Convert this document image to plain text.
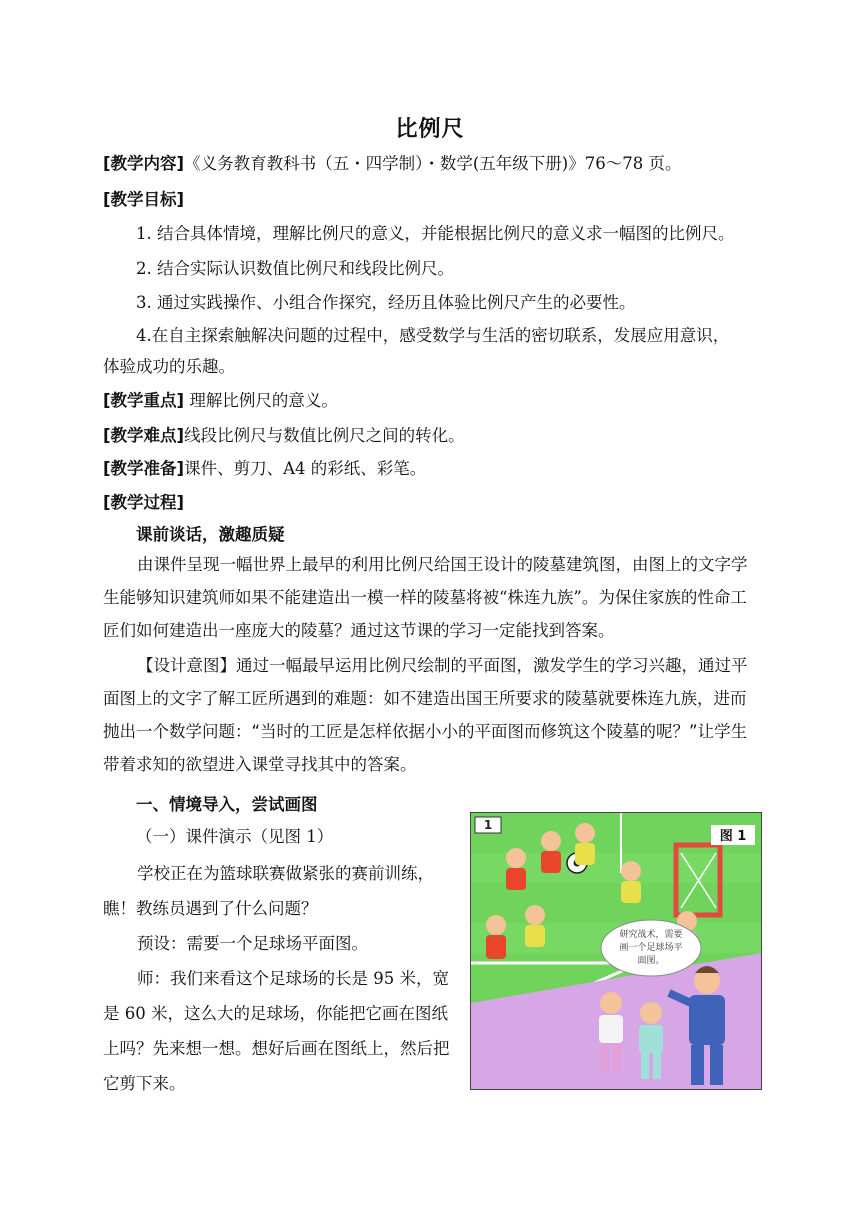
比例尺
[教学内容]《义务教育教科书（五・四学制）・数学(五年级下册)》76～78 页。
[教学目标]
1. 结合具体情境，理解比例尺的意义，并能根据比例尺的意义求一幅图的比例尺。
2. 结合实际认识数值比例尺和线段比例尺。
3. 通过实践操作、小组合作探究，经历且体验比例尺产生的必要性。
4.在自主探索触解决问题的过程中，感受数学与生活的密切联系，发展应用意识，
体验成功的乐趣。
[教学重点] 理解比例尺的意义。
[教学难点]线段比例尺与数值比例尺之间的转化。
[教学准备]课件、剪刀、A4 的彩纸、彩笔。
[教学过程]
课前谈话，激趣质疑
由课件呈现一幅世界上最早的利用比例尺给国王设计的陵墓建筑图，由图上的文字学生能够知识建筑师如果不能建造出一模一样的陵墓将被“株连九族”。为保住家族的性命工匠们如何建造出一座庞大的陵墓？通过这节课的学习一定能找到答案。
【设计意图】通过一幅最早运用比例尺绘制的平面图，激发学生的学习兴趣，通过平面图上的文字了解工匠所遇到的难题：如不建造出国王所要求的陵墓就要株连九族，进而抛出一个数学问题：“当时的工匠是怎样依据小小的平面图而修筑这个陵墓的呢？”让学生带着求知的欲望进入课堂寻找其中的答案。
一、情境导入，尝试画图
（一）课件演示（见图 1）
学校正在为篮球联赛做紧张的赛前训练，瞧！教练员遇到了什么问题？
预设：需要一个足球场平面图。
师：我们来看这个足球场的长是 95 米，宽是 60 米，这么大的足球场，你能把它画在图纸上吗？先来想一想。想好后画在图纸上，然后把它剪下来。
研究战术，需要
画一个足球场平
面图。
1
图 1
